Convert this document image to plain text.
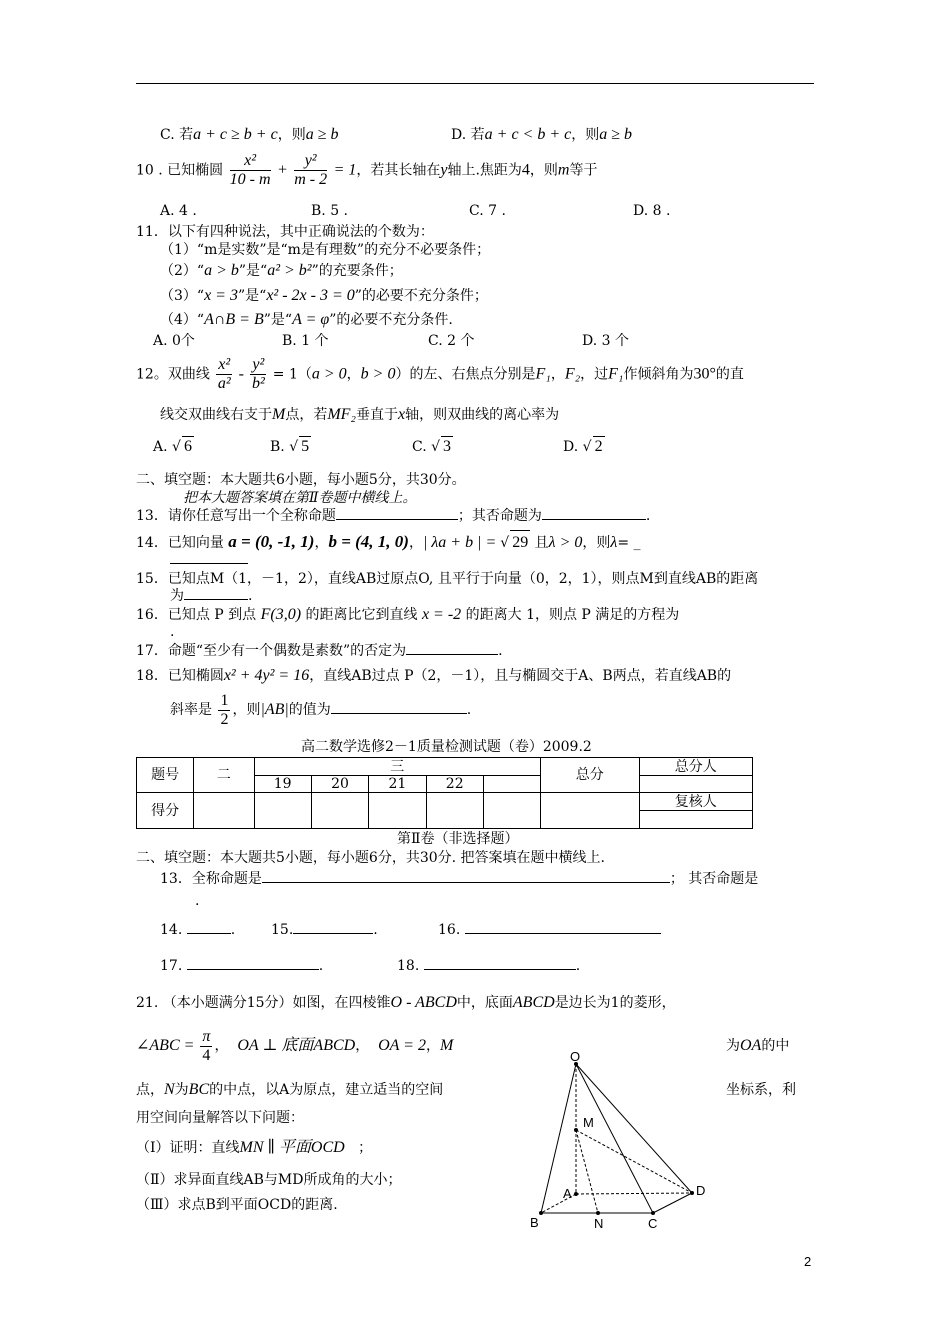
C. 若a + c ≥ b + c，则a ≥ b	D. 若a + c < b + c，则a ≥ b
10 . 已知椭圆 $\frac{\text{x²}}{10 - m} + \frac{\text{y²}}{m - 2} = 1$，若其长轴在y轴上.焦距为4，则m等于
A. 4 .	B. 5 .	C. 7 .	D. 8 .
11．以下有四种说法，其中正确说法的个数为：
（1）“m是实数”是“m是有理数”的充分不必要条件；
（2）“a > b”是“a² > b²”的充要条件；
（3）“x = 3”是“x² - 2x - 3 = 0”的必要不充分条件；
（4）“A∩B = B”是“A = φ”的必要不充分条件.
A. 0个	B. 1 个	C. 2 个	D. 3 个
12。双曲线 $\frac{\text{x²}}{\text{a²}} - \frac{\text{y²}}{\text{b²}} = 1(a > 0$，b > 0）的左、右焦点分别是F₁，F₂，过F₁作倾斜角为30°的直
线交双曲线右支于M点，若MF₂垂直于x轴，则双曲线的离心率为
A. √ 6	B. √ 5	C. √ 3	D. √ 2
二、填空题：本大题共6小题，每小题5分，共30分。
把本大题答案填在第Ⅱ卷题中横线上。
13．请你任意写出一个全称命题	；其否命题为	.
14．已知向量 a = (0, -1, 1)，b = (4, 1, 0)，| λa + b | = √ 29 且λ > 0，则λ= _
15．已知点M（1，－1，2），直线AB过原点O, 且平行于向量（0，2，1），则点M到直线AB的距离
为	.
16．已知点 P 到点 F(3,0) 的距离比它到直线 x = -2 的距离大 1，则点 P 满足的方程为
.
17．命题“至少有一个偶数是素数”的否定为	.
18．已知椭圆x² + 4y² = 16，直线AB过点 P（2，－1），且与椭圆交于A、B两点，若直线AB的
斜率是 $\frac{1}{2}$ ，则|AB|的值为	.
高二数学选修2－1质量检测试题（卷）2009.2
题号	二	三					总分	总分人
		19	20	21	22			
得分								复核人

第Ⅱ卷（非选择题）
二、填空题：本大题共5小题，每小题6分，共30分. 把答案填在题中横线上.
13．全称命题是	； 其否命题是
.
14.	.	15.	.	16.
17.	.	18.	.
21. （本小题满分15分）如图，在四棱锥O - ABCD中，底面ABCD是边长为1的菱形，
∠ABC = $\frac{\pi}{4}$ ， OA ⊥ 底面ABCD， OA = 2，M	为OA的中
点，N为BC的中点，以A为原点，建立适当的空间	坐标系，利
用空间向量解答以下问题：
（Ⅰ）证明：直线MN ∥ 平面OCD ；
（Ⅱ）求异面直线AB与MD所成角的大小；
（Ⅲ）求点B到平面OCD的距离.
O
M
A	D
B	N	C
2
